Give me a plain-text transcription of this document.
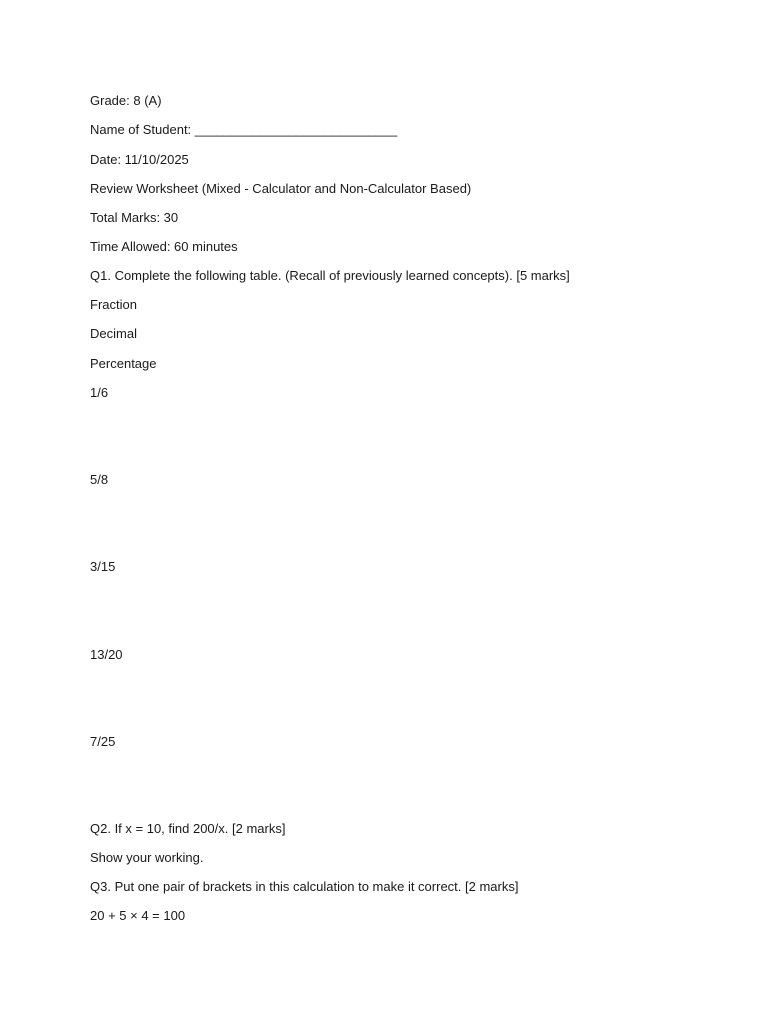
Grade: 8 (A)
Name of Student: ____________________________
Date: 11/10/2025
Review Worksheet (Mixed - Calculator and Non-Calculator Based)
Total Marks: 30
Time Allowed: 60 minutes
Q1. Complete the following table. (Recall of previously learned concepts). [5 marks]
Fraction
Decimal
Percentage
1/6
5/8
3/15
13/20
7/25
Q2. If x = 10, find 200/x. [2 marks]
Show your working.
Q3. Put one pair of brackets in this calculation to make it correct. [2 marks]
20 + 5 × 4 = 100
